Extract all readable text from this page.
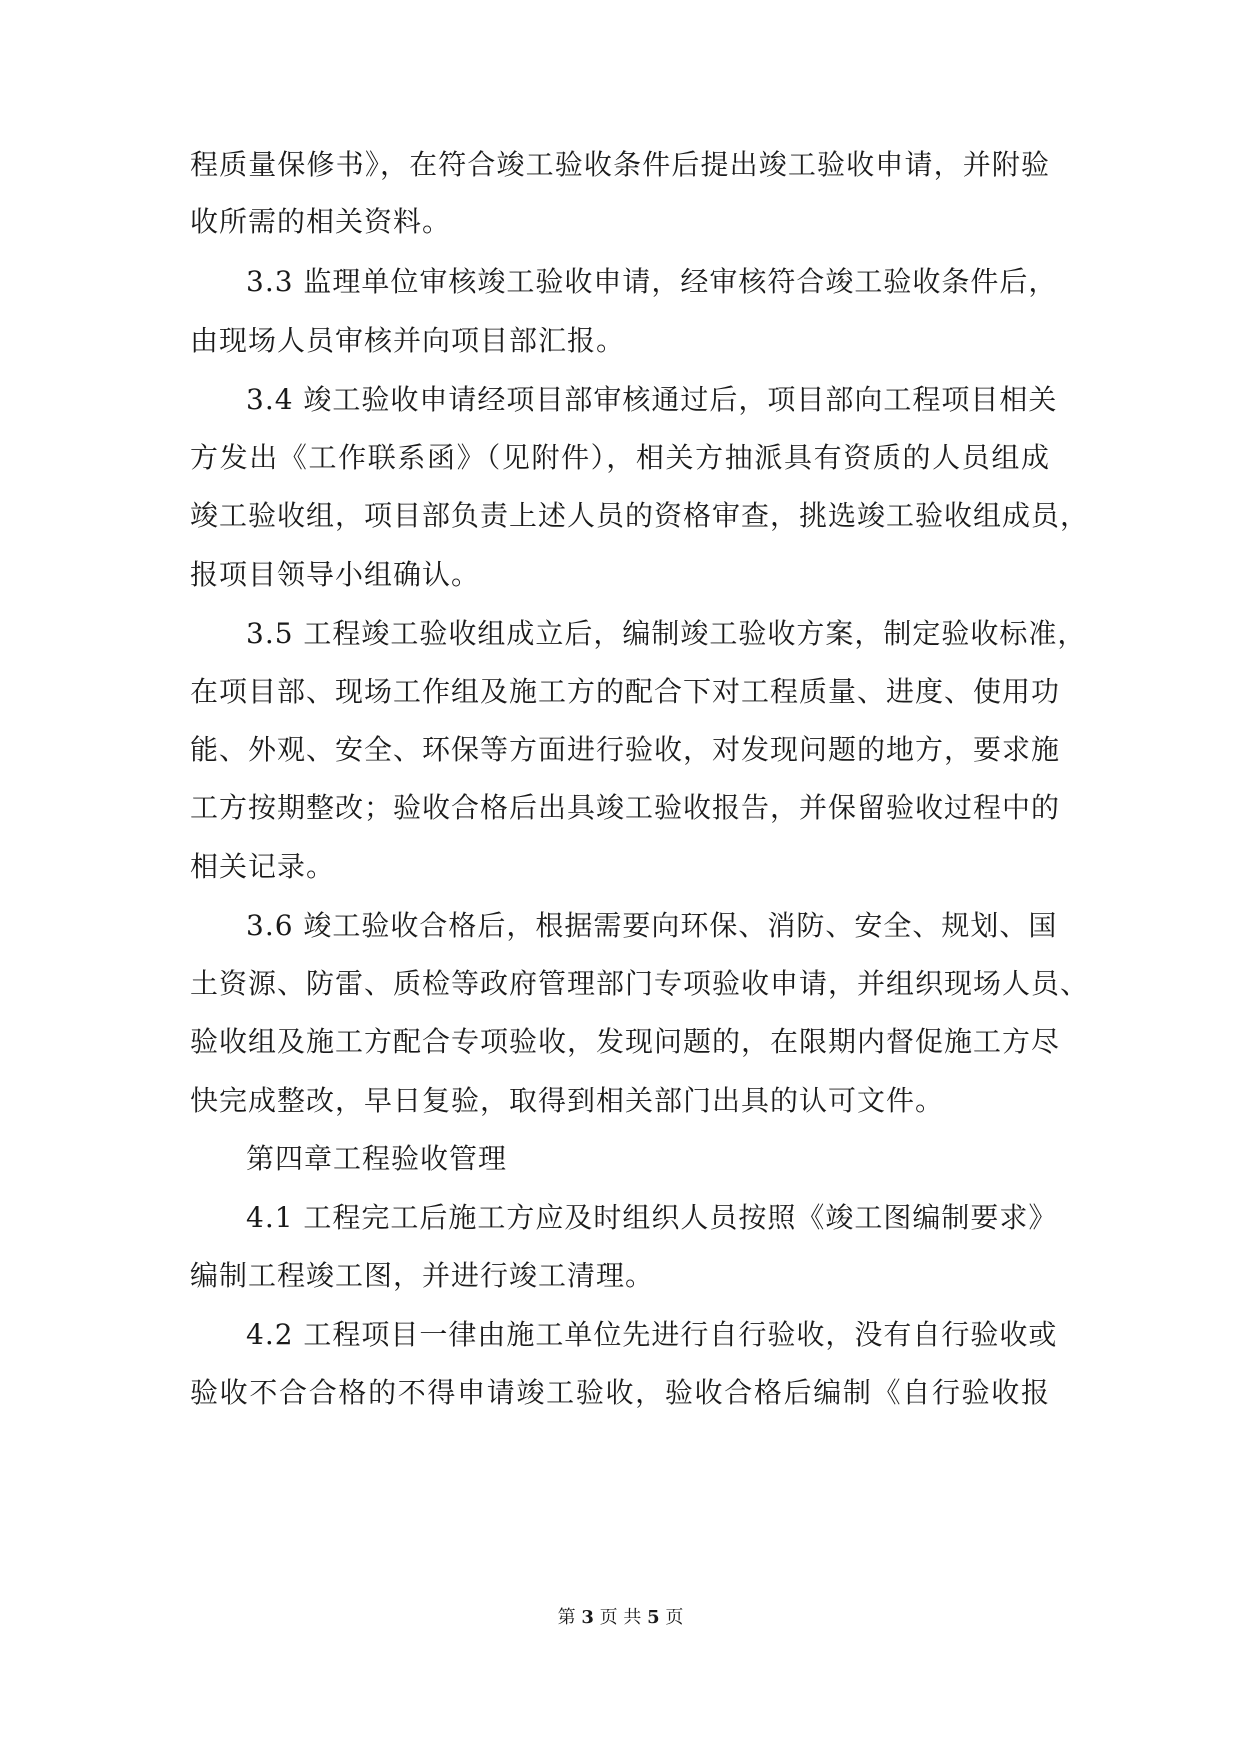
程质量保修书》，在符合竣工验收条件后提出竣工验收申请，并附验
收所需的相关资料。
3.3 监理单位审核竣工验收申请，经审核符合竣工验收条件后，
由现场人员审核并向项目部汇报。
3.4 竣工验收申请经项目部审核通过后，项目部向工程项目相关
方发出《工作联系函》（见附件），相关方抽派具有资质的人员组成
竣工验收组，项目部负责上述人员的资格审查，挑选竣工验收组成员，
报项目领导小组确认。
3.5 工程竣工验收组成立后，编制竣工验收方案，制定验收标准，
在项目部、现场工作组及施工方的配合下对工程质量、进度、使用功
能、外观、安全、环保等方面进行验收，对发现问题的地方，要求施
工方按期整改；验收合格后出具竣工验收报告，并保留验收过程中的
相关记录。
3.6 竣工验收合格后，根据需要向环保、消防、安全、规划、国
土资源、防雷、质检等政府管理部门专项验收申请，并组织现场人员、
验收组及施工方配合专项验收，发现问题的，在限期内督促施工方尽
快完成整改，早日复验，取得到相关部门出具的认可文件。
第四章工程验收管理
4.1 工程完工后施工方应及时组织人员按照《竣工图编制要求》
编制工程竣工图，并进行竣工清理。
4.2 工程项目一律由施工单位先进行自行验收，没有自行验收或
验收不合合格的不得申请竣工验收，验收合格后编制《自行验收报
第 3 页 共 5 页
